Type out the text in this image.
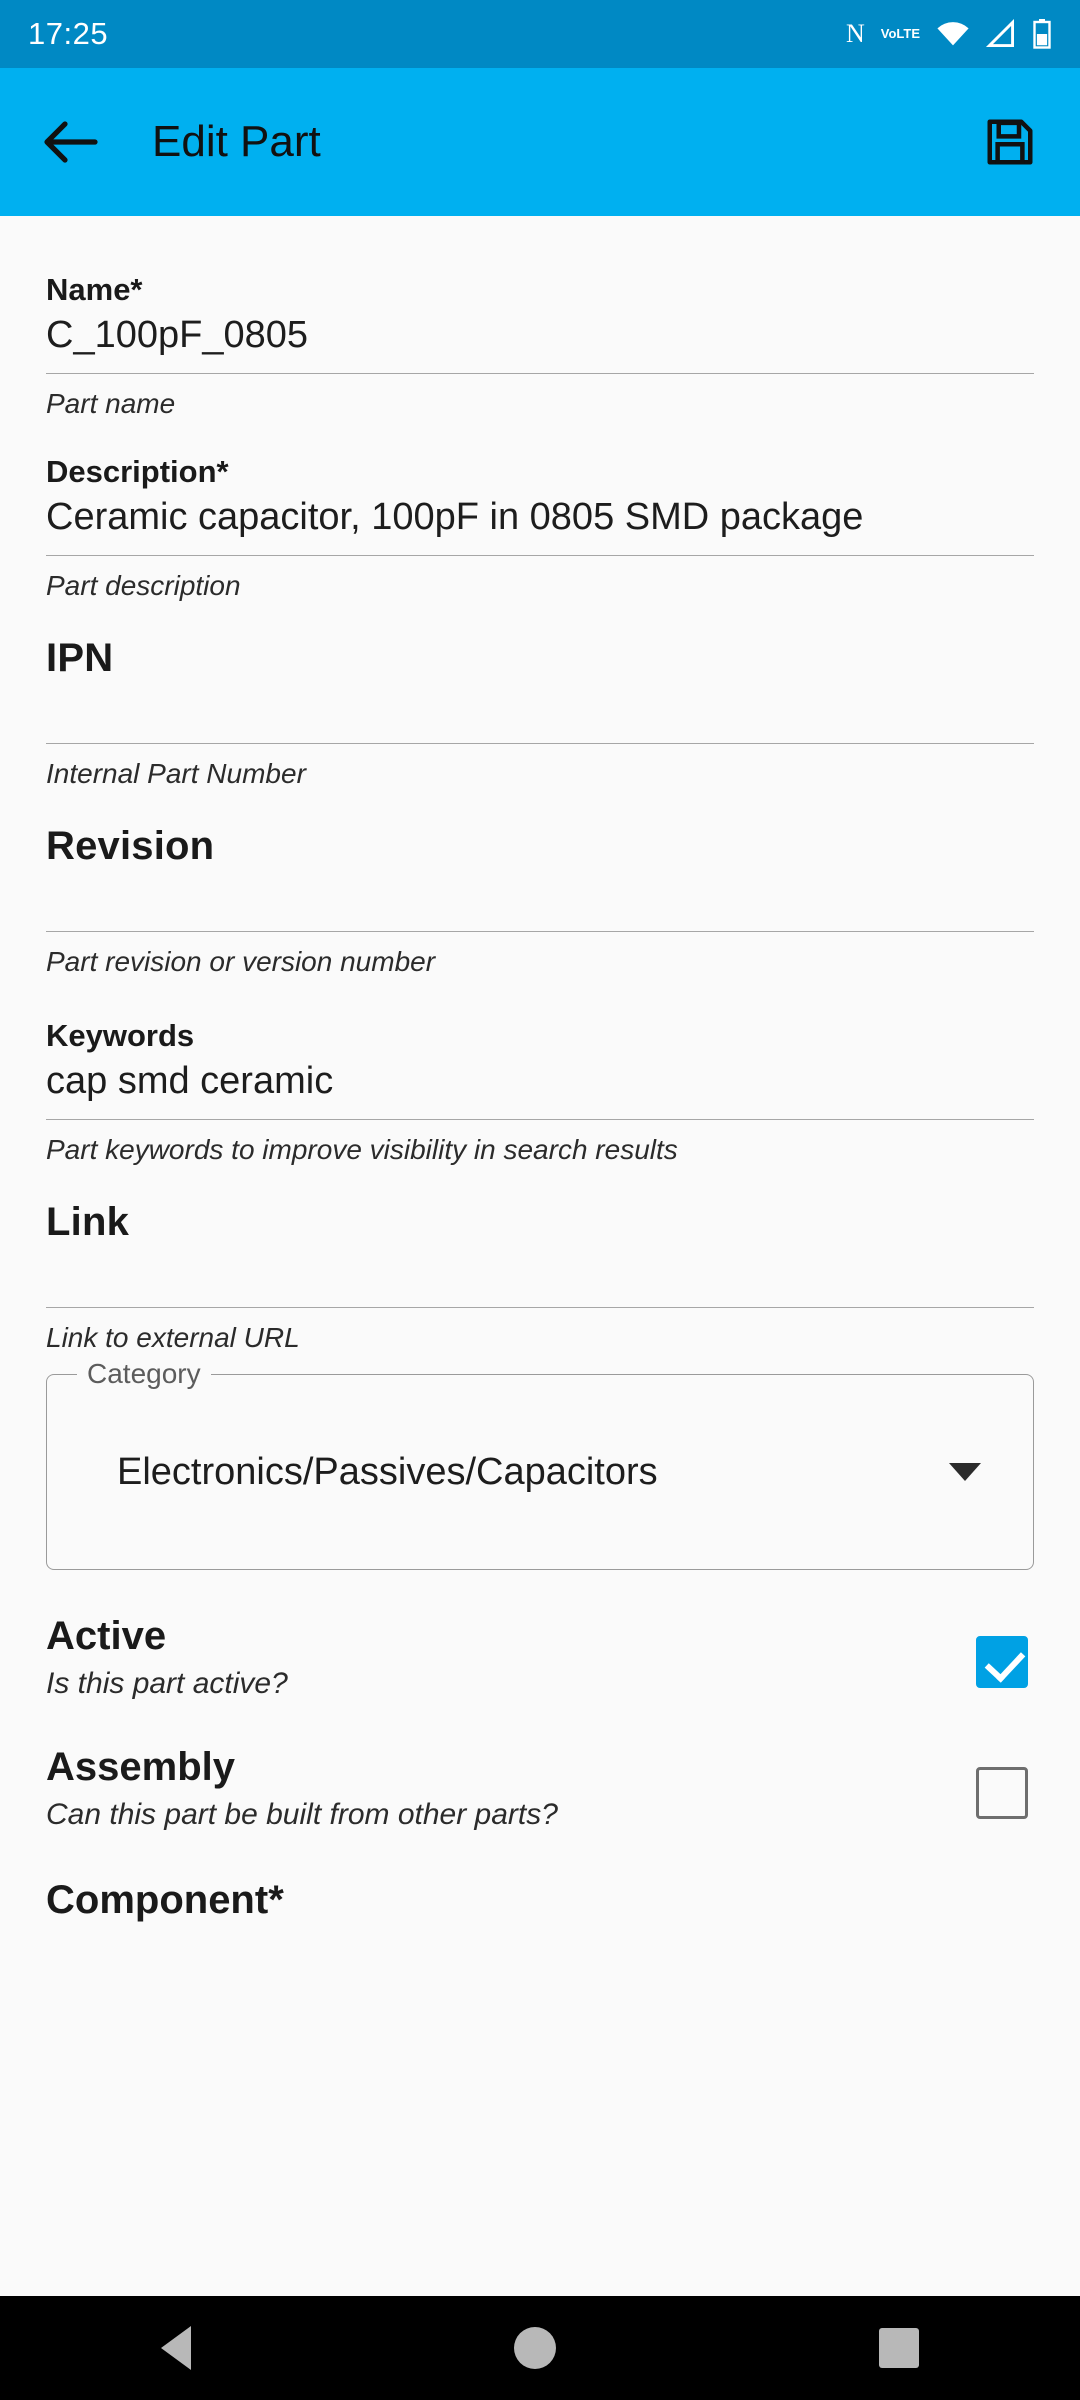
17:25	N Vo LTE
Edit Part
Name*
C_100pF_0805
Part name
Description*
Ceramic capacitor, 100pF in 0805 SMD package
Part description
IPN
Internal Part Number
Revision
Part revision or version number
Keywords
cap smd ceramic
Part keywords to improve visibility in search results
Link
Link to external URL
Category
Electronics/Passives/Capacitors
Active
Is this part active?
Assembly
Can this part be built from other parts?
Component*
